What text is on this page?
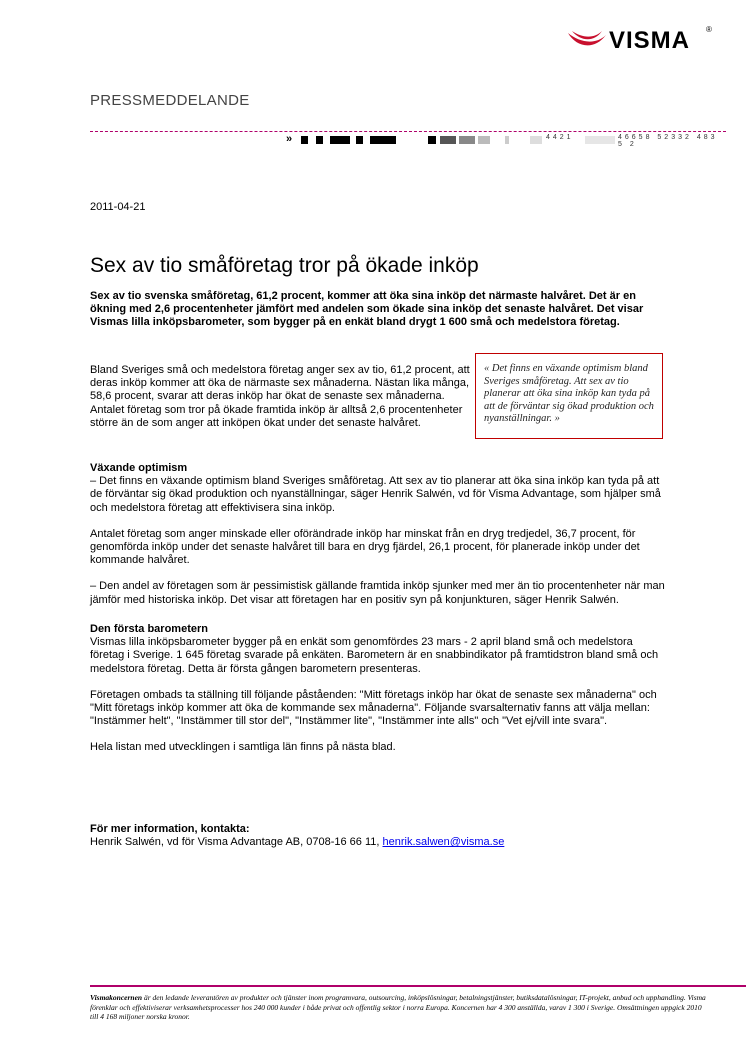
VISMA ®
PRESSMEDDELANDE
»	4421	46658 52332 483 5 2
2011-04-21
Sex av tio småföretag tror på ökade inköp

Sex av tio svenska småföretag, 61,2 procent, kommer att öka sina inköp det närmaste halvåret. Det är en ökning med 2,6 procentenheter jämfört med andelen som ökade sina inköp det senaste halvåret. Det visar Vismas lilla inköpsbarometer, som bygger på en enkät bland drygt 1 600 små och medelstora företag.

Bland Sveriges små och medelstora företag anger sex av tio, 61,2 procent, att deras inköp kommer att öka de närmaste sex månaderna. Nästan lika många, 58,6 procent, svarar att deras inköp har ökat de senaste sex månaderna. Antalet företag som tror på ökade framtida inköp är alltså 2,6 procentenheter större än de som anger att inköpen ökat under det senaste halvåret.

« Det finns en växande optimism bland Sveriges småföretag. Att sex av tio planerar att öka sina inköp kan tyda på att de förväntar sig ökad produktion och nyanställningar. »
Växande optimism
– Det finns en växande optimism bland Sveriges småföretag. Att sex av tio planerar att öka sina inköp kan tyda på att de förväntar sig ökad produktion och nyanställningar, säger Henrik Salwén, vd för Visma Advantage, som hjälper små och medelstora företag att effektivisera sina inköp.
Antalet företag som anger minskade eller oförändrade inköp har minskat från en dryg tredjedel, 36,7 procent, för genomförda inköp under det senaste halvåret till bara en dryg fjärdel, 26,1 procent, för planerade inköp under det kommande halvåret.
– Den andel av företagen som är pessimistisk gällande framtida inköp sjunker med mer än tio procentenheter när man jämför med historiska inköp. Det visar att företagen har en positiv syn på konjunkturen, säger Henrik Salwén.
Den första barometern
Vismas lilla inköpsbarometer bygger på en enkät som genomfördes 23 mars - 2 april bland små och medelstora företag i Sverige. 1 645 företag svarade på enkäten. Barometern är en snabbindikator på framtidstron bland små och medelstora företag. Detta är första gången barometern presenteras.
Företagen ombads ta ställning till följande påståenden: "Mitt företags inköp har ökat de senaste sex månaderna" och "Mitt företags inköp kommer att öka de kommande sex månaderna". Följande svarsalternativ fanns att välja mellan: "Instämmer helt", "Instämmer till stor del", "Instämmer lite", "Instämmer inte alls" och "Vet ej/vill inte svara".
Hela listan med utvecklingen i samtliga län finns på nästa blad.
För mer information, kontakta:
Henrik Salwén, vd för Visma Advantage AB, 0708-16 66 11, henrik.salwen@visma.se
Vismakoncernen är den ledande leverantören av produkter och tjänster inom programvara, outsourcing, inköpslösningar, betalningstjänster, butiksdatalösningar, IT-projekt, anbud och upphandling. Visma förenklar och effektiviserar verksamhetsprocesser hos 240 000 kunder i både privat och offentlig sektor i norra Europa. Koncernen har 4 300 anställda, varav 1 300 i Sverige. Omsättningen uppgick 2010 till 4 168 miljoner norska kronor.
